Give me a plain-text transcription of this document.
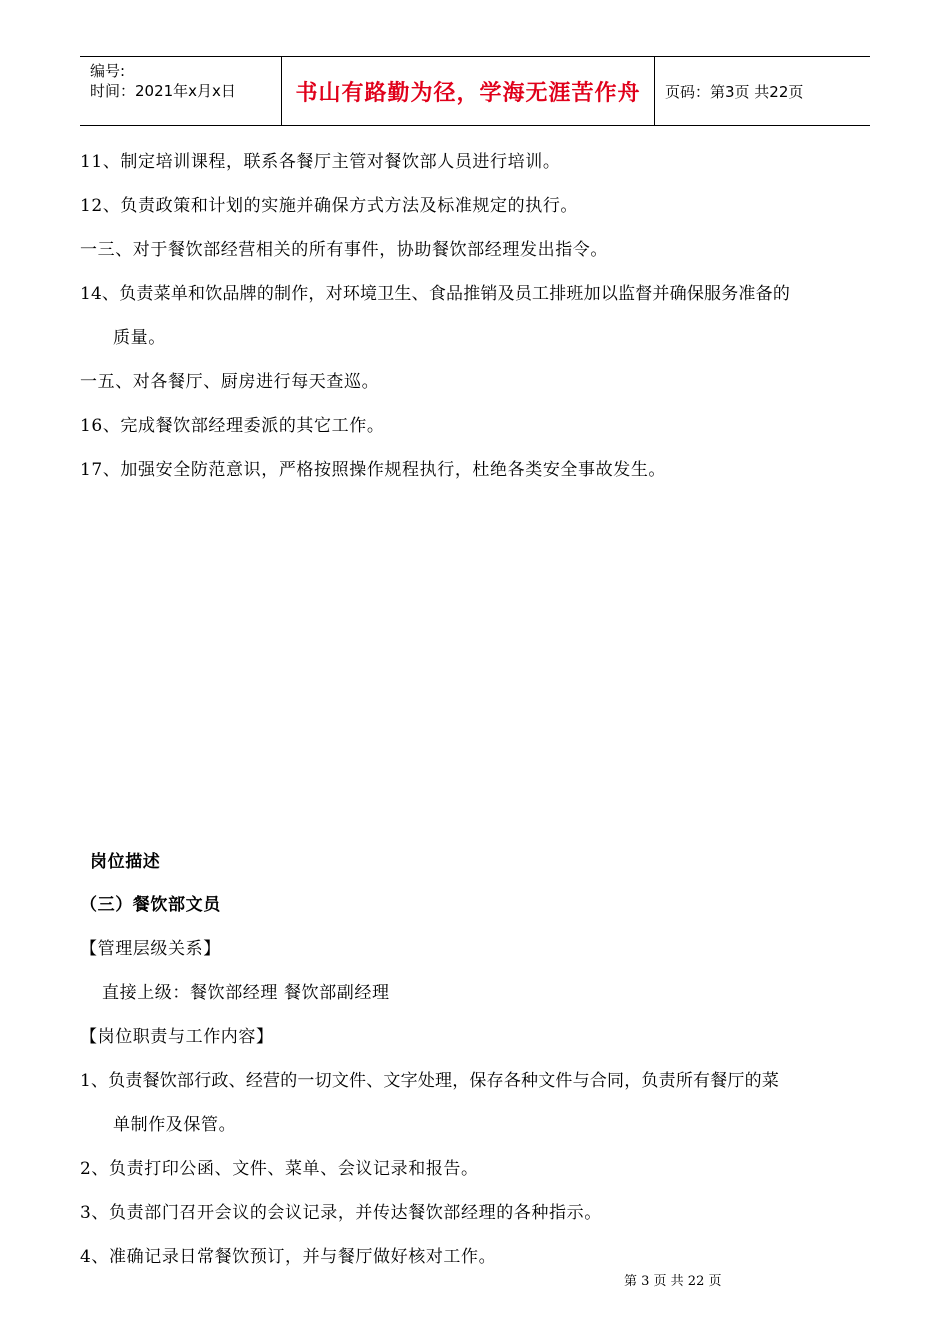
编号:
时间：2021年x月x日	书山有路勤为径，学海无涯苦作舟	页码：第3页 共22页
11、制定培训课程，联系各餐厅主管对餐饮部人员进行培训。
12、负责政策和计划的实施并确保方式方法及标准规定的执行。
一三、对于餐饮部经营相关的所有事件，协助餐饮部经理发出指令。
14、负责菜单和饮品牌的制作，对环境卫生、食品推销及员工排班加以监督并确保服务准备的
质量。
一五、对各餐厅、厨房进行每天查巡。
16、完成餐饮部经理委派的其它工作。
17、加强安全防范意识，严格按照操作规程执行，杜绝各类安全事故发生。
岗位描述
（三）餐饮部文员
【管理层级关系】
直接上级：餐饮部经理 餐饮部副经理
【岗位职责与工作内容】
1、负责餐饮部行政、经营的一切文件、文字处理，保存各种文件与合同，负责所有餐厅的菜
单制作及保管。
2、负责打印公函、文件、菜单、会议记录和报告。
3、负责部门召开会议的会议记录，并传达餐饮部经理的各种指示。
4、准确记录日常餐饮预订，并与餐厅做好核对工作。
第 3 页 共 22 页
